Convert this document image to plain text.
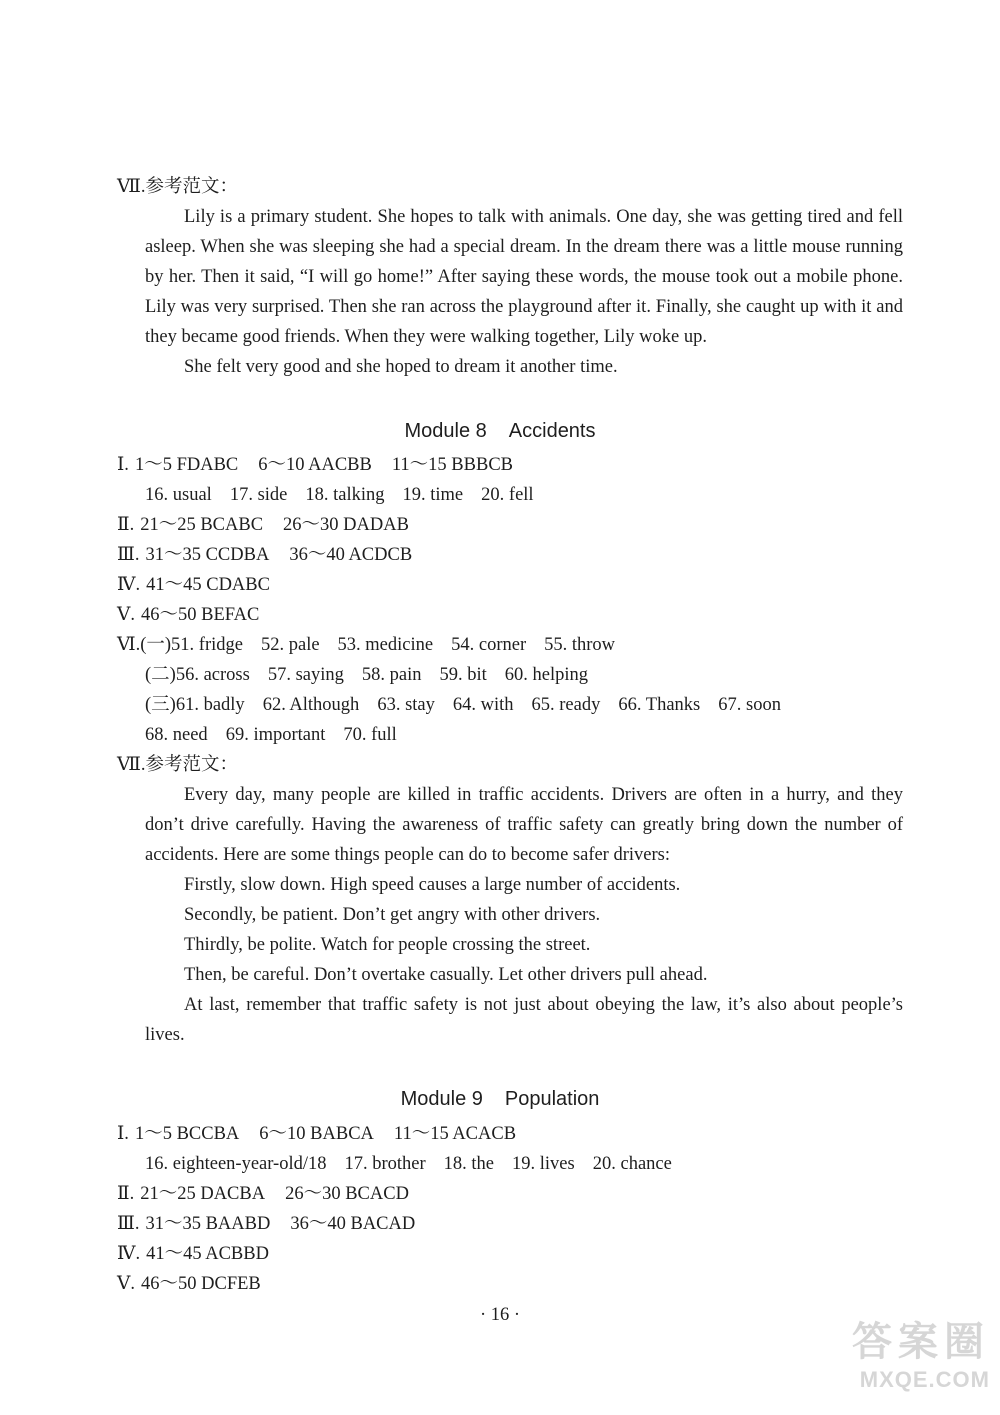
Ⅶ.参考范文：
Lily is a primary student. She hopes to talk with animals. One day, she was getting tired and fell asleep. When she was sleeping she had a special dream. In the dream there was a little mouse running by her. Then it said, “I will go home!” After saying these words, the mouse took out a mobile phone. Lily was very surprised. Then she ran across the playground after it. Finally, she caught up with it and they became good friends. When they were walking together, Lily woke up.
She felt very good and she hoped to dream it another time.
Module 8 Accidents
Ⅰ. 1～5 FDABC 6～10 AACBB 11～15 BBBCB
16. usual 17. side 18. talking 19. time 20. fell
Ⅱ. 21～25 BCABC 26～30 DADAB
Ⅲ. 31～35 CCDBA 36～40 ACDCB
Ⅳ. 41～45 CDABC
Ⅴ. 46～50 BEFAC
Ⅵ.(一)51. fridge 52. pale 53. medicine 54. corner 55. throw
(二)56. across 57. saying 58. pain 59. bit 60. helping
(三)61. badly 62. Although 63. stay 64. with 65. ready 66. Thanks 67. soon
68. need 69. important 70. full
Ⅶ.参考范文：
Every day, many people are killed in traffic accidents. Drivers are often in a hurry, and they don’t drive carefully. Having the awareness of traffic safety can greatly bring down the number of accidents. Here are some things people can do to become safer drivers:
Firstly, slow down. High speed causes a large number of accidents.
Secondly, be patient. Don’t get angry with other drivers.
Thirdly, be polite. Watch for people crossing the street.
Then, be careful. Don’t overtake casually. Let other drivers pull ahead.
At last, remember that traffic safety is not just about obeying the law, it’s also about people’s lives.
Module 9 Population
Ⅰ. 1～5 BCCBA 6～10 BABCA 11～15 ACACB
16. eighteen-year-old/18 17. brother 18. the 19. lives 20. chance
Ⅱ. 21～25 DACBA 26～30 BCACD
Ⅲ. 31～35 BAABD 36～40 BACAD
Ⅳ. 41～45 ACBBD
Ⅴ. 46～50 DCFEB
· 16 ·
答案圈
MXQE.COM
